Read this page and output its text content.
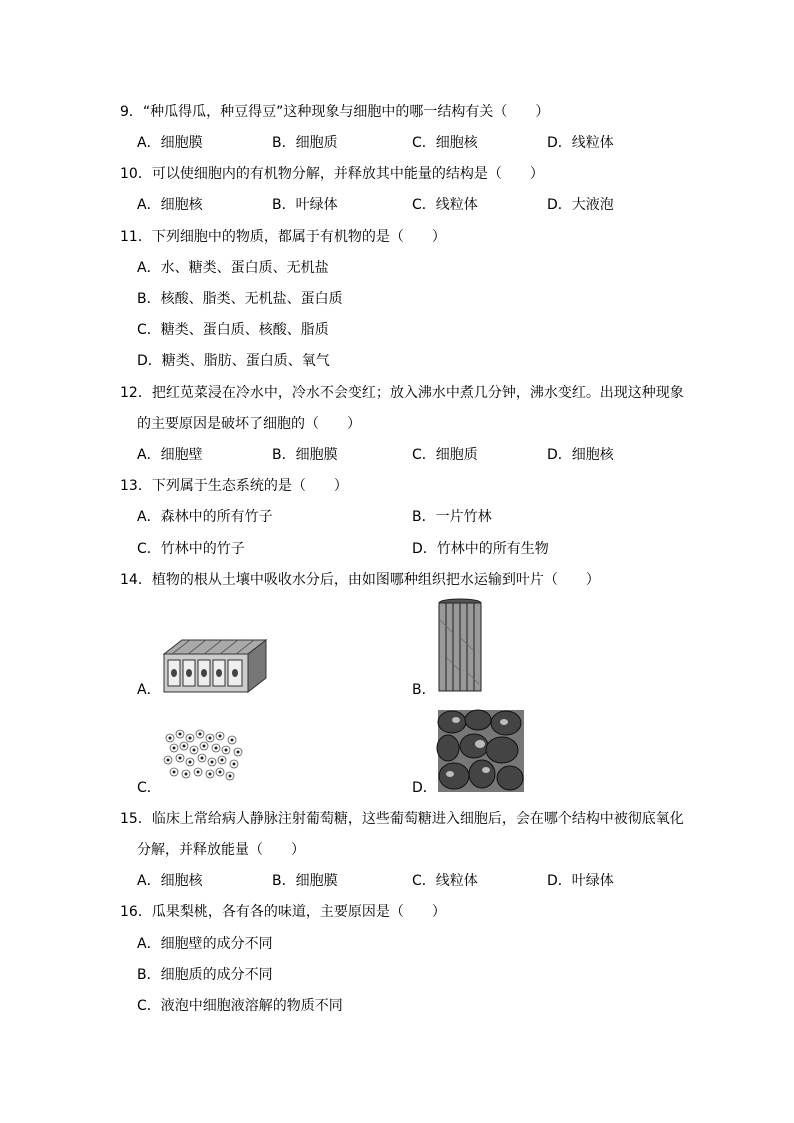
9．“种瓜得瓜，种豆得豆”这种现象与细胞中的哪一结构有关（　　）
A．细胞膜	B．细胞质	C．细胞核	D．线粒体
10．可以使细胞内的有机物分解，并释放其中能量的结构是（　　）
A．细胞核	B．叶绿体	C．线粒体	D．大液泡
11．下列细胞中的物质，都属于有机物的是（　　）
A．水、糖类、蛋白质、无机盐
B．核酸、脂类、无机盐、蛋白质
C．糖类、蛋白质、核酸、脂质
D．糖类、脂肪、蛋白质、氧气
12．把红苋菜浸在冷水中，冷水不会变红；放入沸水中煮几分钟，沸水变红。出现这种现象
的主要原因是破坏了细胞的（　　）
A．细胞壁	B．细胞膜	C．细胞质	D．细胞核
13．下列属于生态系统的是（　　）
A．森林中的所有竹子	B．一片竹林
C．竹林中的竹子	D．竹林中的所有生物
14．植物的根从土壤中吸收水分后，由如图哪种组织把水运输到叶片（　　）
A．	B．
C．	D．
15．临床上常给病人静脉注射葡萄糖，这些葡萄糖进入细胞后，会在哪个结构中被彻底氧化
分解，并释放能量（　　）
A．细胞核	B．细胞膜	C．线粒体	D．叶绿体
16．瓜果梨桃，各有各的味道，主要原因是（　　）
A．细胞壁的成分不同
B．细胞质的成分不同
C．液泡中细胞液溶解的物质不同
